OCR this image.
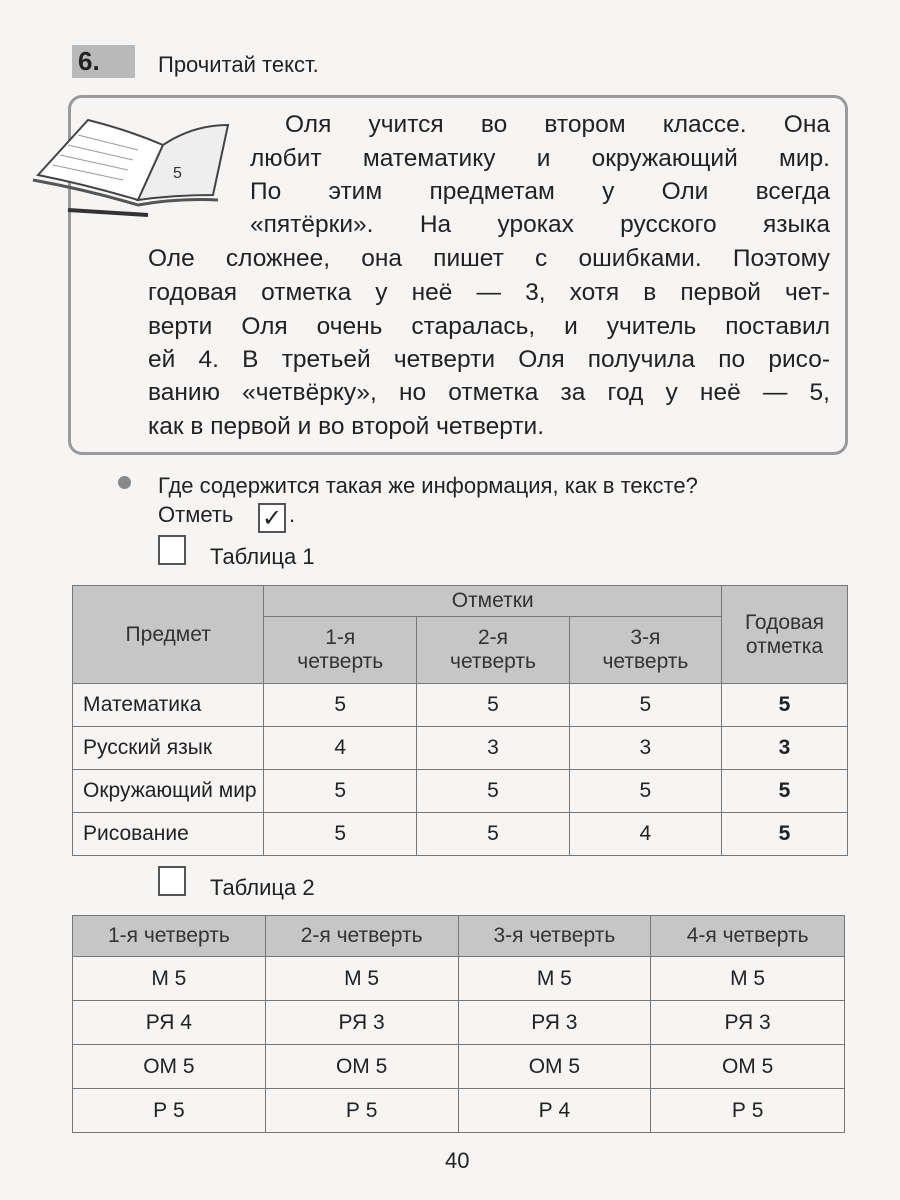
6.	Прочитай текст.
5
Оля учится во втором классе. Она
любит математику и окружающий мир.
По этим предметам у Оли всегда
«пятёрки». На уроках русского языка
Оле сложнее, она пишет с ошибками. Поэтому
годовая отметка у неё — 3, хотя в первой чет-
верти Оля очень старалась, и учитель поставил
ей 4. В третьей четверти Оля получила по рисо-
ванию «четвёрку», но отметка за год у неё — 5,
как в первой и во второй четверти.
Где содержится такая же информация, как в тексте?
Отметь ✓ .
Таблица 1
Предмет	Отметки			Годовая отметка
	1-я четверть	2-я четверть	3-я четверть	
Математика	5	5	5	5
Русский язык	4	3	3	3
Окружающий мир	5	5	5	5
Рисование	5	5	4	5
Таблица 2
1-я четверть	2-я четверть	3-я четверть	4-я четверть
М 5	М 5	М 5	М 5
РЯ 4	РЯ 3	РЯ 3	РЯ 3
ОМ 5	ОМ 5	ОМ 5	ОМ 5
Р 5	Р 5	Р 4	Р 5
40
